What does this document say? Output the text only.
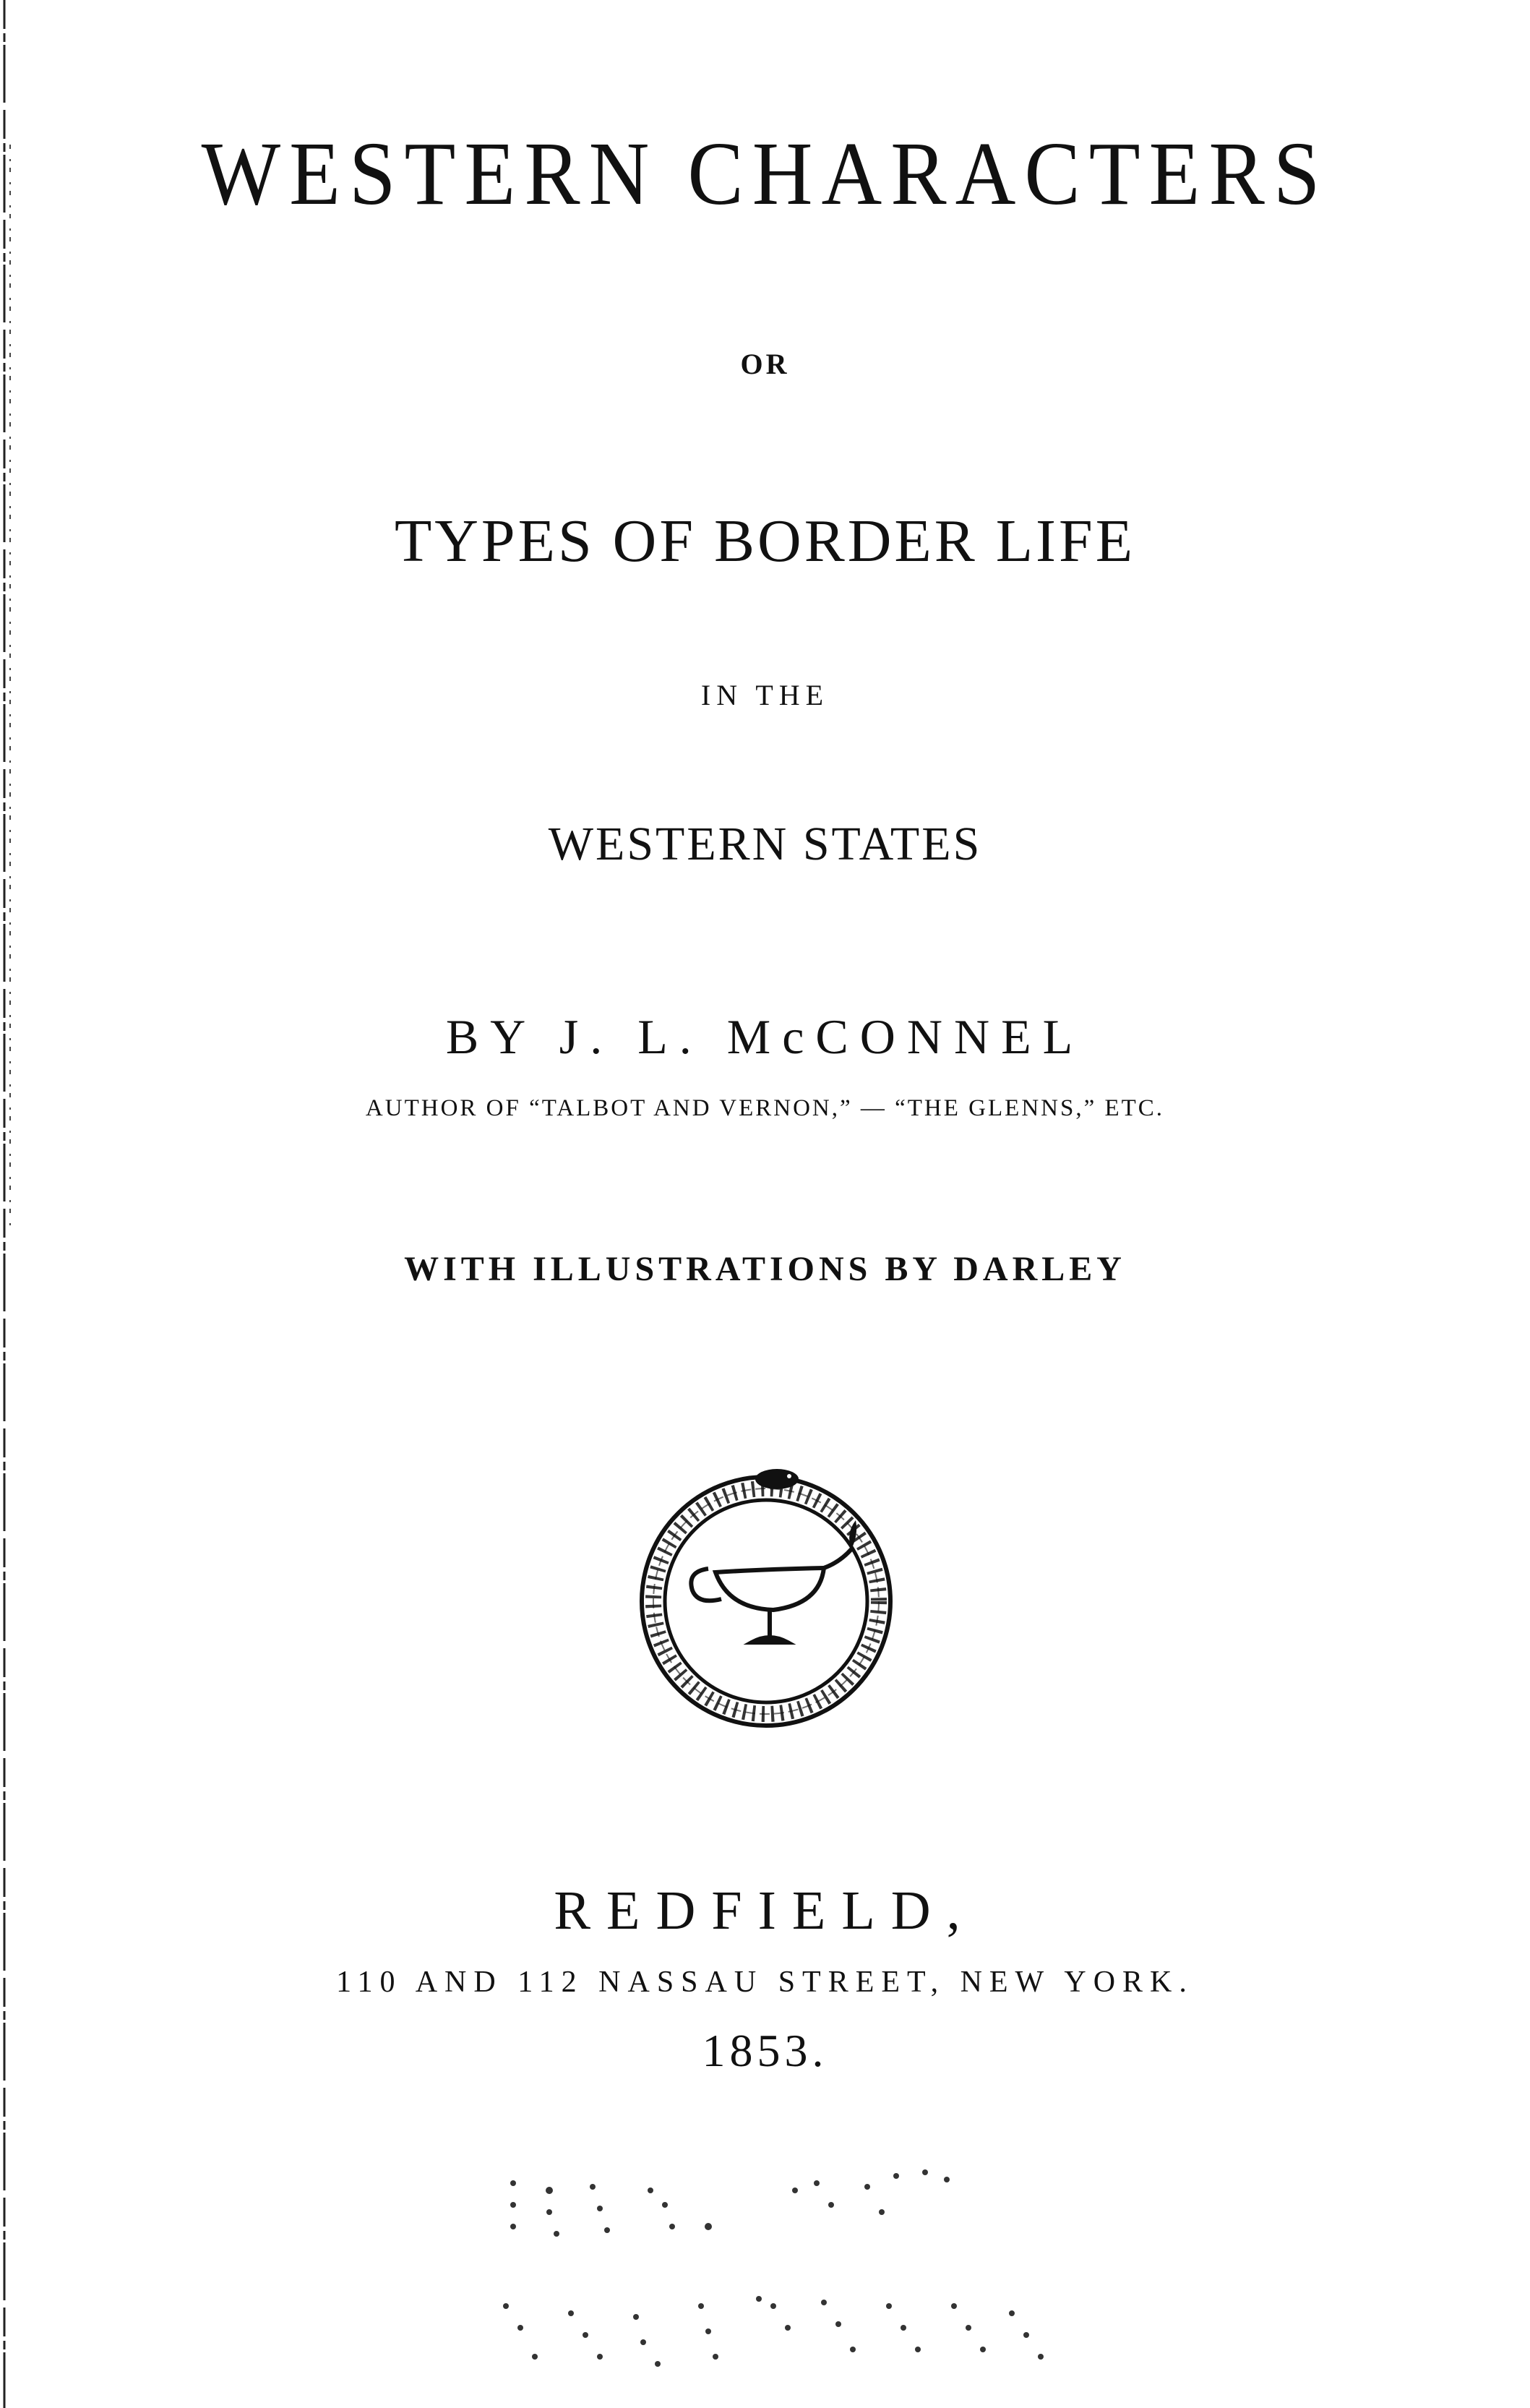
WESTERN CHARACTERS
OR
TYPES OF BORDER LIFE
IN THE
WESTERN STATES
BY J. L. McCONNEL
AUTHOR OF “TALBOT AND VERNON,” — “THE GLENNS,” ETC.
WITH ILLUSTRATIONS BY DARLEY
REDFIELD,
110 AND 112 NASSAU STREET, NEW YORK.
1853.
